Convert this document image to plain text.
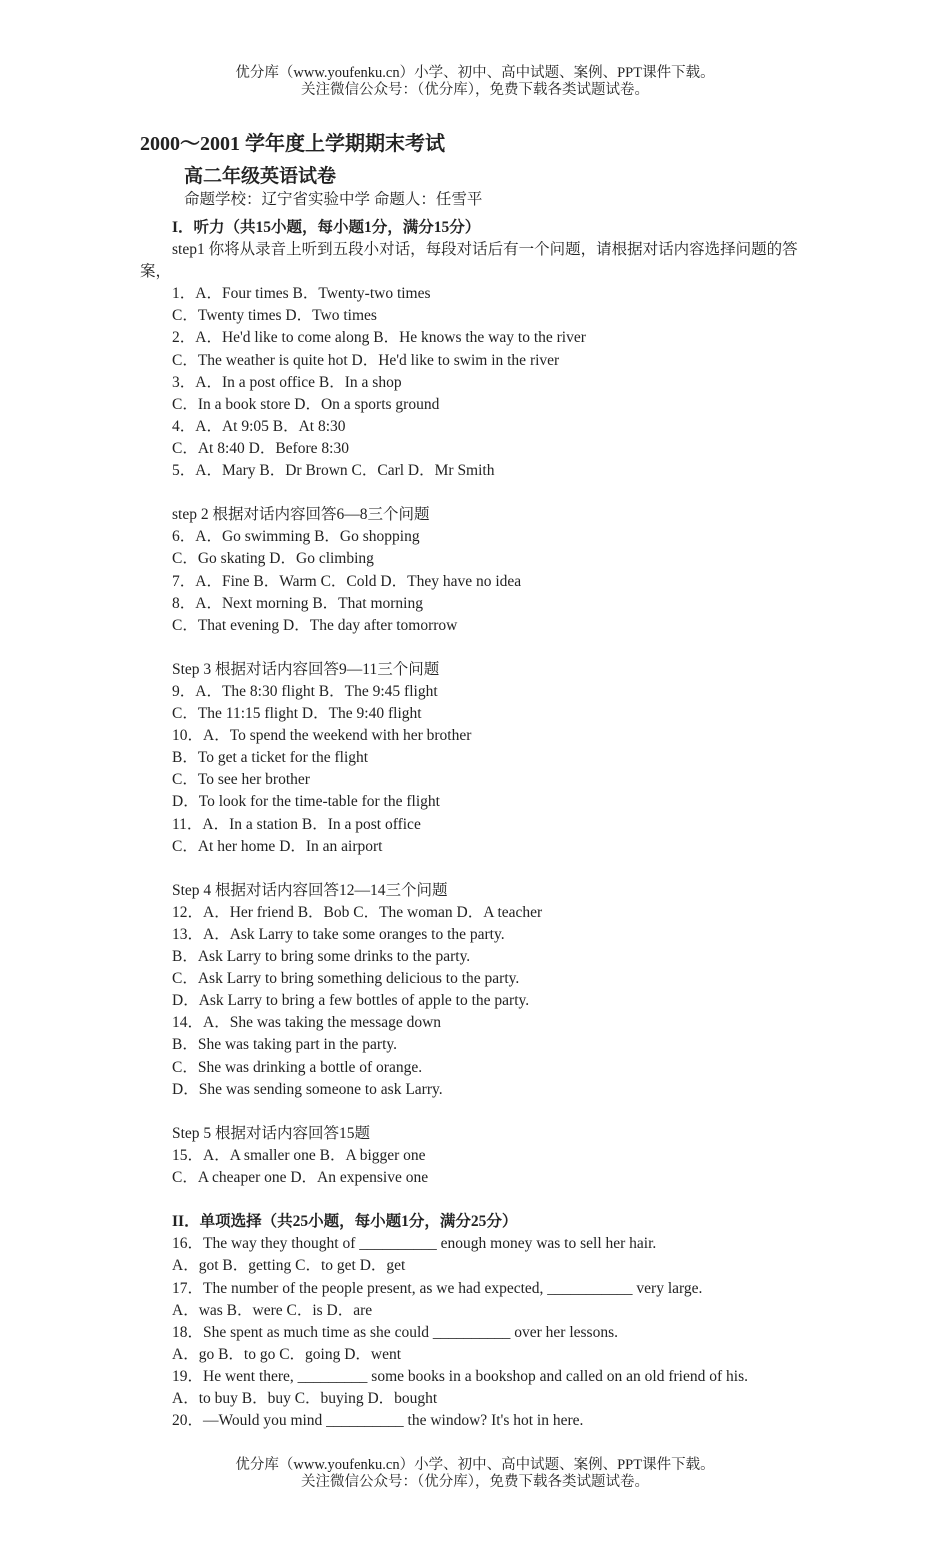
优分库（www.youfenku.cn）小学、初中、高中试题、案例、PPT课件下载。
关注微信公众号：（优分库），免费下载各类试题试卷。
2000～2001 学年度上学期期末考试
高二年级英语试卷
命题学校：辽宁省实验中学 命题人：任雪平
I．听力（共15小题，每小题1分，满分15分）
step1 你将从录音上听到五段小对话，每段对话后有一个问题，请根据对话内容选择问题的答案，
1．A．Four times B．Twenty-two times
C．Twenty times D．Two times
2．A．He'd like to come along B．He knows the way to the river
C．The weather is quite hot D．He'd like to swim in the river
3．A．In a post office B．In a shop
C．In a book store D．On a sports ground
4．A．At 9:05 B．At 8:30
C．At 8:40 D．Before 8:30
5．A．Mary B．Dr Brown C．Carl D．Mr Smith
step 2 根据对话内容回答6—8三个问题
6．A．Go swimming B．Go shopping
C．Go skating D．Go climbing
7．A．Fine B．Warm C．Cold D．They have no idea
8．A．Next morning B．That morning
C．That evening D．The day after tomorrow
Step 3 根据对话内容回答9—11三个问题
9．A．The 8:30 flight B．The 9:45 flight
C．The 11:15 flight D．The 9:40 flight
10．A．To spend the weekend with her brother
B．To get a ticket for the flight
C．To see her brother
D．To look for the time-table for the flight
11．A．In a station B．In a post office
C．At her home D．In an airport
Step 4 根据对话内容回答12—14三个问题
12．A．Her friend B．Bob C．The woman D．A teacher
13．A．Ask Larry to take some oranges to the party.
B．Ask Larry to bring some drinks to the party.
C．Ask Larry to bring something delicious to the party.
D．Ask Larry to bring a few bottles of apple to the party.
14．A．She was taking the message down
B．She was taking part in the party.
C．She was drinking a bottle of orange.
D．She was sending someone to ask Larry.
Step 5 根据对话内容回答15题
15．A．A smaller one B．A bigger one
C．A cheaper one D．An expensive one
II．单项选择（共25小题，每小题1分，满分25分）
16．The way they thought of __________ enough money was to sell her hair.
A．got B．getting C．to get D．get
17．The number of the people present, as we had expected, ___________ very large.
A．was B．were C．is D．are
18．She spent as much time as she could __________ over her lessons.
A．go B．to go C．going D．went
19．He went there, _________ some books in a bookshop and called on an old friend of his.
A．to buy B．buy C．buying D．bought
20．—Would you mind __________ the window? It's hot in here.
优分库（www.youfenku.cn）小学、初中、高中试题、案例、PPT课件下载。
关注微信公众号：（优分库），免费下载各类试题试卷。
